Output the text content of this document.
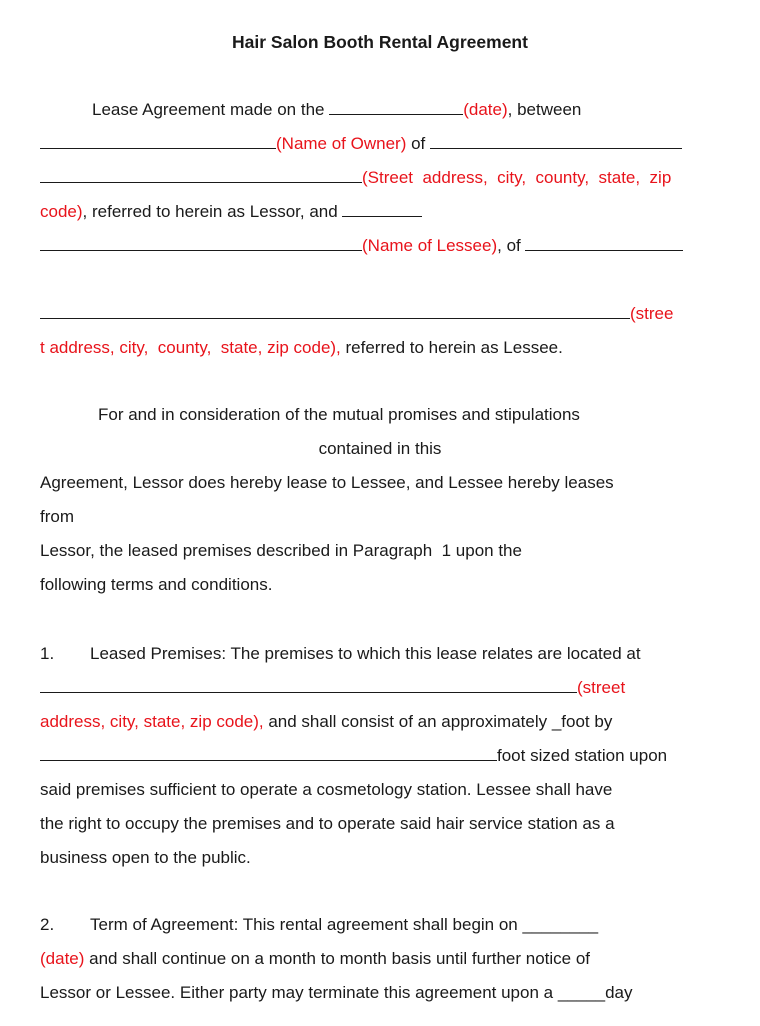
Hair Salon Booth Rental Agreement
Lease Agreement made on the	(date), between
(Name of Owner) of
(Street  address,  city,  county,  state,  zip
code), referred to herein as Lessor, and
(Name of Lessee), of
(stree
t address, city,  county,  state, zip code), referred to herein as Lessee.
For and in consideration of the mutual promises and stipulations
contained in this
Agreement, Lessor does hereby lease to Lessee, and Lessee hereby leases
from
Lessor, the leased premises described in Paragraph  1 upon the
following terms and conditions.
1. Leased Premises: The premises to which this lease relates are located at
(street
address, city, state, zip code), and shall consist of an approximately _foot by
foot sized station upon
said premises sufficient to operate a cosmetology station. Lessee shall have
the right to occupy the premises and to operate said hair service station as a
business open to the public.
2. Term of Agreement: This rental agreement shall begin on ________
(date) and shall continue on a month to month basis until further notice of
Lessor or Lessee. Either party may terminate this agreement upon a _____day
